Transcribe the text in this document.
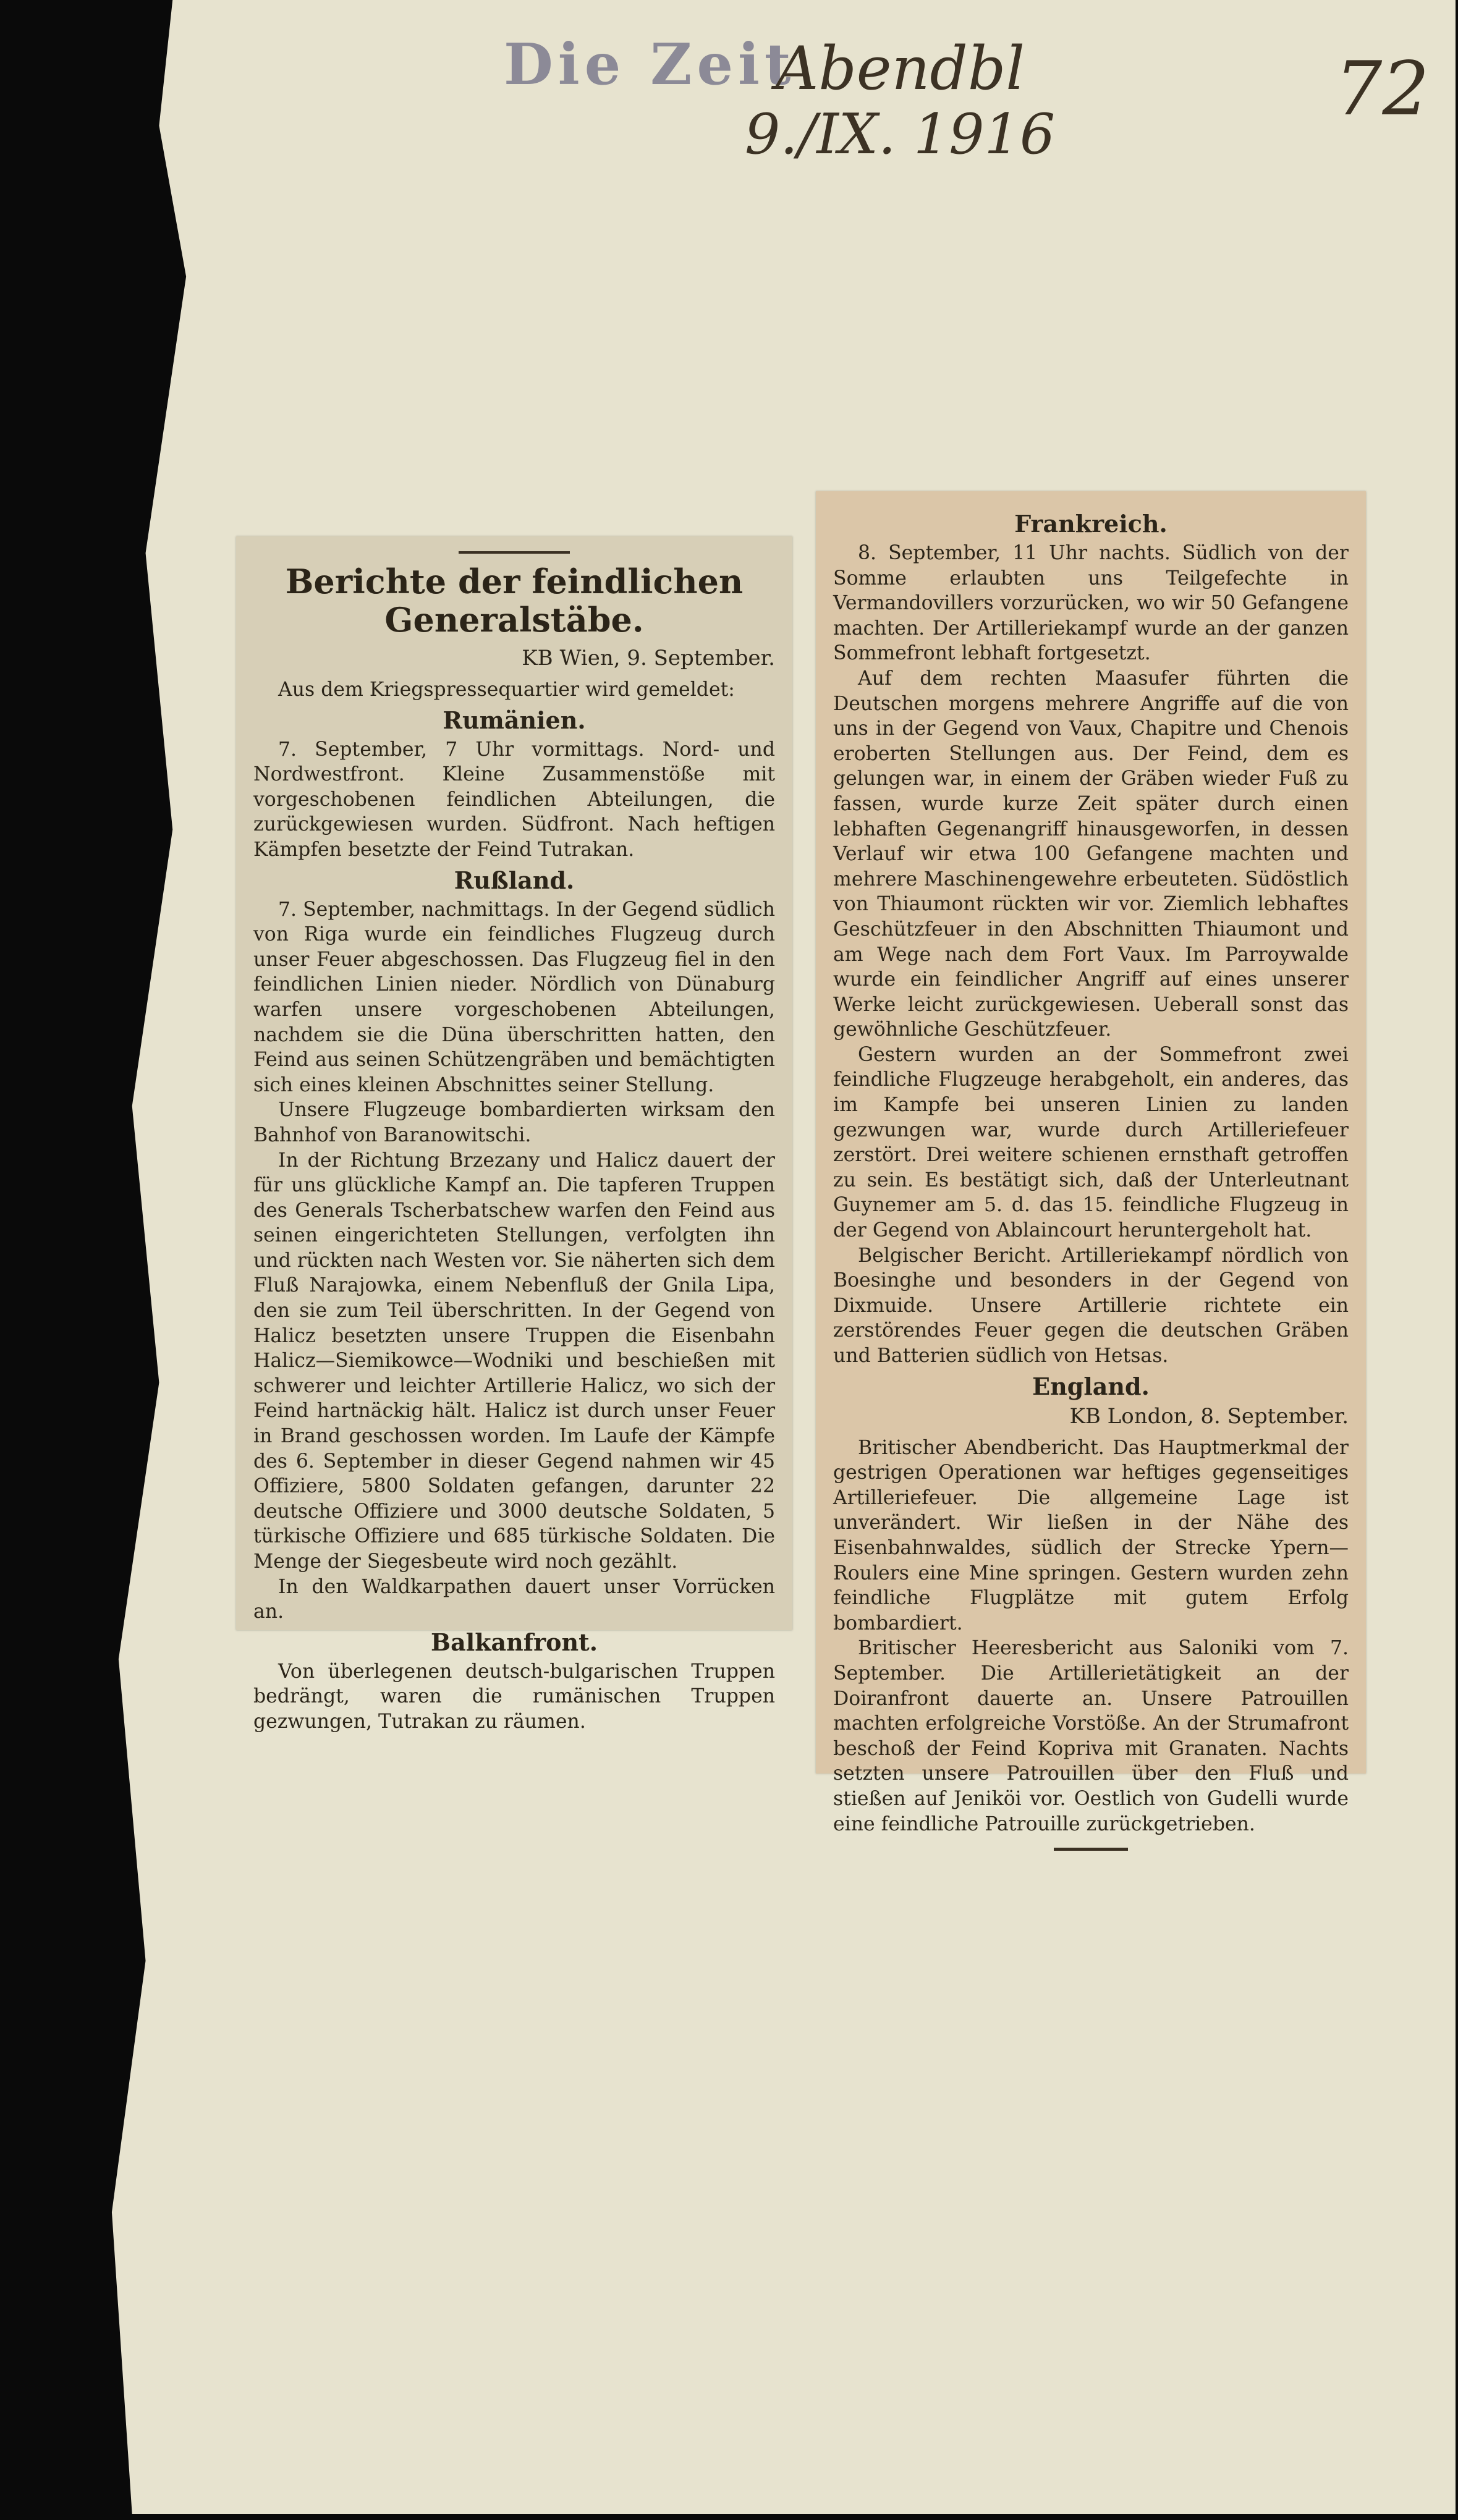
Die Zeit
Abendbl
9./IX. 1916
72
Berichte der feindlichen Generalstäbe.
KB Wien, 9. September.

Aus dem Kriegspressequartier wird gemeldet:

Rumänien.

7. September, 7 Uhr vormittags. Nord- und Nordwestfront. Kleine Zusammenstöße mit vorgeschobenen feindlichen Abteilungen, die zurückgewiesen wurden. Südfront. Nach heftigen Kämpfen besetzte der Feind Tutrakan.

Rußland.

7. September, nachmittags. In der Gegend südlich von Riga wurde ein feindliches Flugzeug durch unser Feuer abgeschossen. Das Flugzeug fiel in den feindlichen Linien nieder. Nördlich von Dünaburg warfen unsere vorgeschobenen Abteilungen, nachdem sie die Düna überschritten hatten, den Feind aus seinen Schützengräben und bemächtigten sich eines kleinen Abschnittes seiner Stellung.

Unsere Flugzeuge bombardierten wirksam den Bahnhof von Baranowitschi.

In der Richtung Brzezany und Halicz dauert der für uns glückliche Kampf an. Die tapferen Truppen des Generals Tscherbatschew warfen den Feind aus seinen eingerichteten Stellungen, verfolgten ihn und rückten nach Westen vor. Sie näherten sich dem Fluß Narajowka, einem Nebenfluß der Gnila Lipa, den sie zum Teil überschritten. In der Gegend von Halicz besetzten unsere Truppen die Eisenbahn Halicz—Siemikowce—Wodniki und beschießen mit schwerer und leichter Artillerie Halicz, wo sich der Feind hartnäckig hält. Halicz ist durch unser Feuer in Brand geschossen worden. Im Laufe der Kämpfe des 6. September in dieser Gegend nahmen wir 45 Offiziere, 5800 Soldaten gefangen, darunter 22 deutsche Offiziere und 3000 deutsche Soldaten, 5 türkische Offiziere und 685 türkische Soldaten. Die Menge der Siegesbeute wird noch gezählt.

In den Waldkarpathen dauert unser Vorrücken an.

Balkanfront.

Von überlegenen deutsch-bulgarischen Truppen bedrängt, waren die rumänischen Truppen gezwungen, Tutrakan zu räumen.

Frankreich.

8. September, 11 Uhr nachts. Südlich von der Somme erlaubten uns Teilgefechte in Vermandovillers vorzurücken, wo wir 50 Gefangene machten. Der Artilleriekampf wurde an der ganzen Sommefront lebhaft fortgesetzt.

Auf dem rechten Maasufer führten die Deutschen morgens mehrere Angriffe auf die von uns in der Gegend von Vaux, Chapitre und Chenois eroberten Stellungen aus. Der Feind, dem es gelungen war, in einem der Gräben wieder Fuß zu fassen, wurde kurze Zeit später durch einen lebhaften Gegenangriff hinausgeworfen, in dessen Verlauf wir etwa 100 Gefangene machten und mehrere Maschinengewehre erbeuteten. Südöstlich von Thiaumont rückten wir vor. Ziemlich lebhaftes Geschützfeuer in den Abschnitten Thiaumont und am Wege nach dem Fort Vaux. Im Parroywalde wurde ein feindlicher Angriff auf eines unserer Werke leicht zurückgewiesen. Ueberall sonst das gewöhnliche Geschützfeuer.

Gestern wurden an der Sommefront zwei feindliche Flugzeuge herabgeholt, ein anderes, das im Kampfe bei unseren Linien zu landen gezwungen war, wurde durch Artilleriefeuer zerstört. Drei weitere schienen ernsthaft getroffen zu sein. Es bestätigt sich, daß der Unterleutnant Guynemer am 5. d. das 15. feindliche Flugzeug in der Gegend von Ablaincourt heruntergeholt hat.

Belgischer Bericht. Artilleriekampf nördlich von Boesinghe und besonders in der Gegend von Dixmuide. Unsere Artillerie richtete ein zerstörendes Feuer gegen die deutschen Gräben und Batterien südlich von Hetsas.

England.
KB London, 8. September.

Britischer Abendbericht. Das Hauptmerkmal der gestrigen Operationen war heftiges gegenseitiges Artilleriefeuer. Die allgemeine Lage ist unverändert. Wir ließen in der Nähe des Eisenbahnwaldes, südlich der Strecke Ypern—Roulers eine Mine springen. Gestern wurden zehn feindliche Flugplätze mit gutem Erfolg bombardiert.

Britischer Heeresbericht aus Saloniki vom 7. September. Die Artillerietätigkeit an der Doiranfront dauerte an. Unsere Patrouillen machten erfolgreiche Vorstöße. An der Strumafront beschoß der Feind Kopriva mit Granaten. Nachts setzten unsere Patrouillen über den Fluß und stießen auf Jeniköi vor. Oestlich von Gudelli wurde eine feindliche Patrouille zurückgetrieben.
